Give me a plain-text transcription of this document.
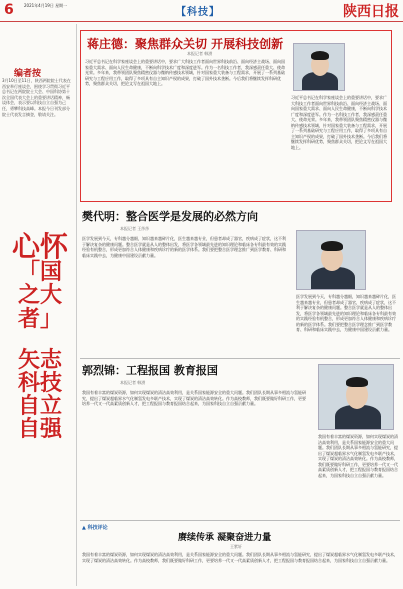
6	2021年4月19日 星期一
【科技】	陕西日报
编者按
3月10日至11日，陕西两院院士代表在西安举行座谈会，围绕学习贯彻习近平总书记在两院院士大会、中国科协第十次全国代表大会上的重要讲话精神，畅谈体会，表示要以科技自立自强为己任，勇攀科技高峰。本报今日刊发部分院士代表发言摘登，敬请关注。
心怀
「国之大者」
矢志科技
自立自强
蒋庄德：聚焦群众关切 开展科技创新
本报记者 韩澍
习近平总书记在科学家座谈会上的重要讲话中，要求广大科技工作者面向世界科技前沿、面向经济主战场、面向国家重大需求、面向人民生命健康，不断向科学技术广度和深度进军。作为一名科技工作者，我深感责任重大、使命光荣。多年来，我带领团队聚焦精密仪器与微纳传感技术领域，针对国家重大装备与工程需求，开展了一系列基础研究与工程应用工作，取得了多项具有自主知识产权的成果，打破了国外技术垄断。今后我们将继续发挥科研优势，聚焦群众关切，把论文写在祖国大地上。
习近平总书记在科学家座谈会上的重要讲话中，要求广大科技工作者面向世界科技前沿、面向经济主战场、面向国家重大需求、面向人民生命健康，不断向科学技术广度和深度进军。作为一名科技工作者，我深感责任重大、使命光荣。多年来，我带领团队聚焦精密仪器与微纳传感技术领域，针对国家重大装备与工程需求，开展了一系列基础研究与工程应用工作，取得了多项具有自主知识产权的成果，打破了国外技术垄断。今后我们将继续发挥科研优势，聚焦群众关切，把论文写在祖国大地上。
樊代明：整合医学是发展的必然方向
本报记者 王莎莎
医学发展到今天，专科越分越细，知识越来越碎片化，医生越来越专业，但患者却成了器官，疾病成了症状，这不利于解决复杂的健康问题。整合医学就是从人的整体出发，将医学各领域最先进的知识理论和临床各专科最有效的实践经验有机整合，形成更加符合人体健康和疾病诊疗的新的医学体系。我们要把整合医学理念推广到医学教育、科研和临床实践中去，为健康中国建设贡献力量。
医学发展到今天，专科越分越细，知识越来越碎片化，医生越来越专业，但患者却成了器官，疾病成了症状，这不利于解决复杂的健康问题。整合医学就是从人的整体出发，将医学各领域最先进的知识理论和临床各专科最有效的实践经验有机整合，形成更加符合人体健康和疾病诊疗的新的医学体系。我们要把整合医学理念推广到医学教育、科研和临床实践中去，为健康中国建设贡献力量。
郭烈锦：工程报国 教育报国
本报记者 韩澍
我国有着丰富的煤炭资源，如何实现煤炭的清洁高效利用，是关系国家能源安全的重大问题。我们团队长期从事多相流与氢能研究，提出了煤炭超临界水气化制氢发电多联产技术，实现了煤炭的清洁高效转化。作为高校教师，我们既要做好科研工作，更要培养一代又一代高素质创新人才，把工程报国与教育报国结合起来，为国家科技自立自强贡献力量。
我国有着丰富的煤炭资源，如何实现煤炭的清洁高效利用，是关系国家能源安全的重大问题。我们团队长期从事多相流与氢能研究，提出了煤炭超临界水气化制氢发电多联产技术，实现了煤炭的清洁高效转化。作为高校教师，我们既要做好科研工作，更要培养一代又一代高素质创新人才，把工程报国与教育报国结合起来，为国家科技自立自强贡献力量。
▲ 科技评论
赓续传承 凝聚奋进力量
王紫轩
我国有着丰富的煤炭资源，如何实现煤炭的清洁高效利用，是关系国家能源安全的重大问题。我们团队长期从事多相流与氢能研究，提出了煤炭超临界水气化制氢发电多联产技术，实现了煤炭的清洁高效转化。作为高校教师，我们既要做好科研工作，更要培养一代又一代高素质创新人才，把工程报国与教育报国结合起来，为国家科技自立自强贡献力量。
